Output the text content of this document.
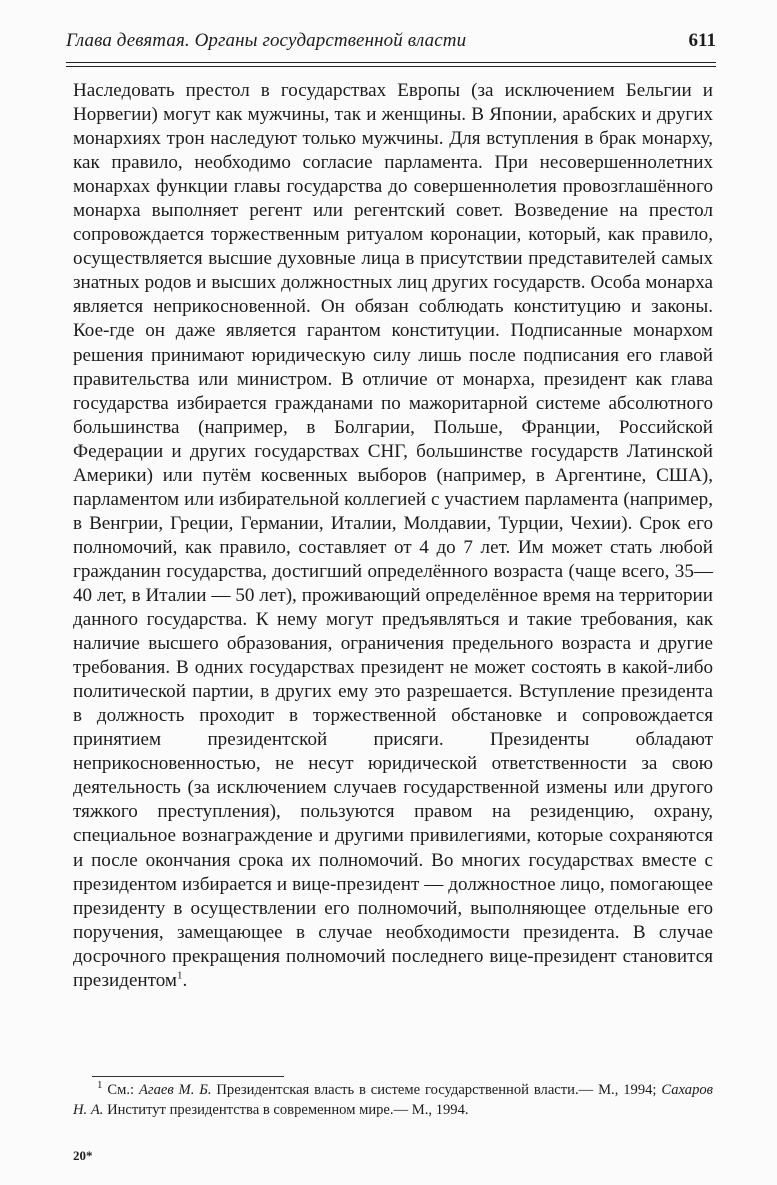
Глава девятая. Органы государственной власти	611

Наследовать престол в государствах Европы (за исключением Бельгии и Норвегии) могут как мужчины, так и женщины. В Японии, арабских и других монархиях трон наследуют только мужчины. Для вступления в брак монарху, как правило, необходимо согласие парламента. При несовершеннолетних монархах функции главы государства до совершеннолетия провозглашённого монарха выполняет регент или регентский совет. Возведение на престол сопровождается торжественным ритуалом коронации, который, как правило, осуществляется высшие духовные лица в присутствии представителей самых знатных родов и высших должностных лиц других государств. Особа монарха является неприкосновенной. Он обязан соблюдать конституцию и законы. Кое-где он даже является гарантом конституции. Подписанные монархом решения принимают юридическую силу лишь после подписания его главой правительства или министром. В отличие от монарха, президент как глава государства избирается гражданами по мажоритарной системе абсолютного большинства (например, в Болгарии, Польше, Франции, Российской Федерации и других государствах СНГ, большинстве государств Латинской Америки) или путём косвенных выборов (например, в Аргентине, США), парламентом или избирательной коллегией с участием парламента (например, в Венгрии, Греции, Германии, Италии, Молдавии, Турции, Чехии). Срок его полномочий, как правило, составляет от 4 до 7 лет. Им может стать любой гражданин государства, достигший определённого возраста (чаще всего, 35—40 лет, в Италии — 50 лет), проживающий определённое время на территории данного государства. К нему могут предъявляться и такие требования, как наличие высшего образования, ограничения предельного возраста и другие требования. В одних государствах президент не может состоять в какой-либо политической партии, в других ему это разрешается. Вступление президента в должность проходит в торжественной обстановке и сопровождается принятием президентской присяги. Президенты обладают неприкосновенностью, не несут юридической ответственности за свою деятельность (за исключением случаев государственной измены или другого тяжкого преступления), пользуются правом на резиденцию, охрану, специальное вознаграждение и другими привилегиями, которые сохраняются и после окончания срока их полномочий. Во многих государствах вместе с президентом избирается и вице-президент — должностное лицо, помогающее президенту в осуществлении его полномочий, выполняющее отдельные его поручения, замещающее в случае необходимости президента. В случае досрочного прекращения полномочий последнего вице-президент становится президентом$^1$.

$^1$ См.: Агаев М. Б. Президентская власть в системе государственной власти.— М., 1994; Сахаров Н. А. Институт президентства в современном мире.— М., 1994.

20*
